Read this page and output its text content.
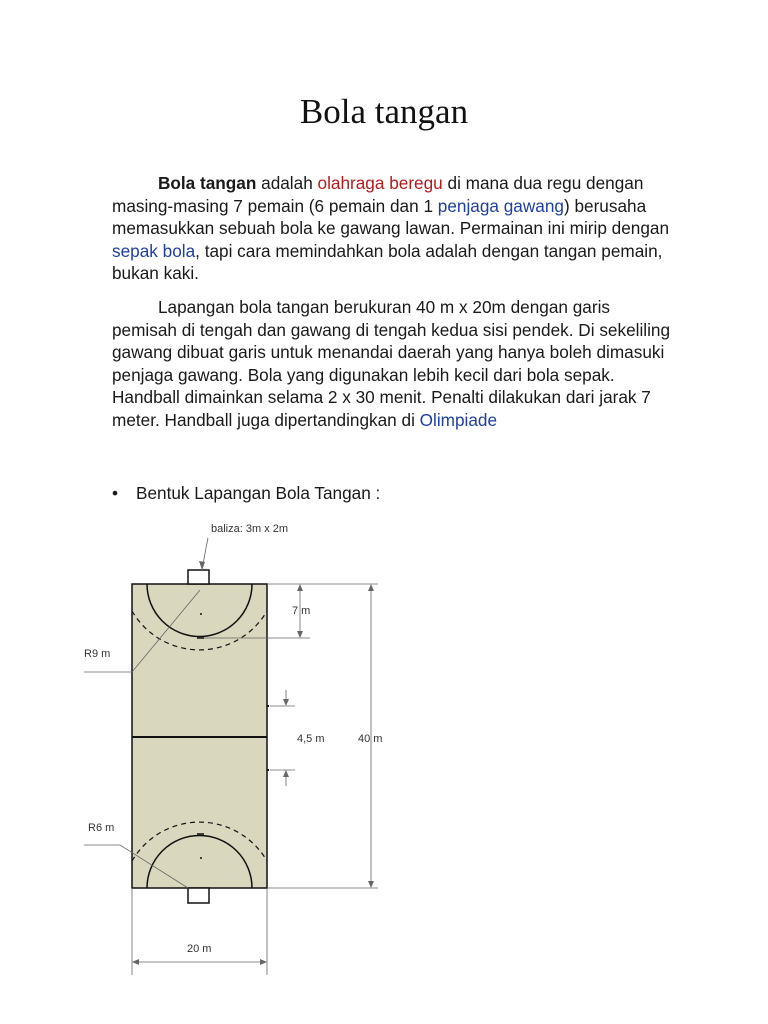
Bola tangan

Bola tangan adalah olahraga beregu di mana dua regu dengan masing-masing 7 pemain (6 pemain dan 1 penjaga gawang) berusaha memasukkan sebuah bola ke gawang lawan. Permainan ini mirip dengan sepak bola, tapi cara memindahkan bola adalah dengan tangan pemain, bukan kaki.

Lapangan bola tangan berukuran 40 m x 20m dengan garis pemisah di tengah dan gawang di tengah kedua sisi pendek. Di sekeliling gawang dibuat garis untuk menandai daerah yang hanya boleh dimasuki penjaga gawang. Bola yang digunakan lebih kecil dari bola sepak. Handball dimainkan selama 2 x 30 menit. Penalti dilakukan dari jarak 7 meter. Handball juga dipertandingkan di Olimpiade

• Bentuk Lapangan Bola Tangan :
baliza: 3m x 2m
7 m
R9 m
4,5 m	40 m
R6 m
20 m
